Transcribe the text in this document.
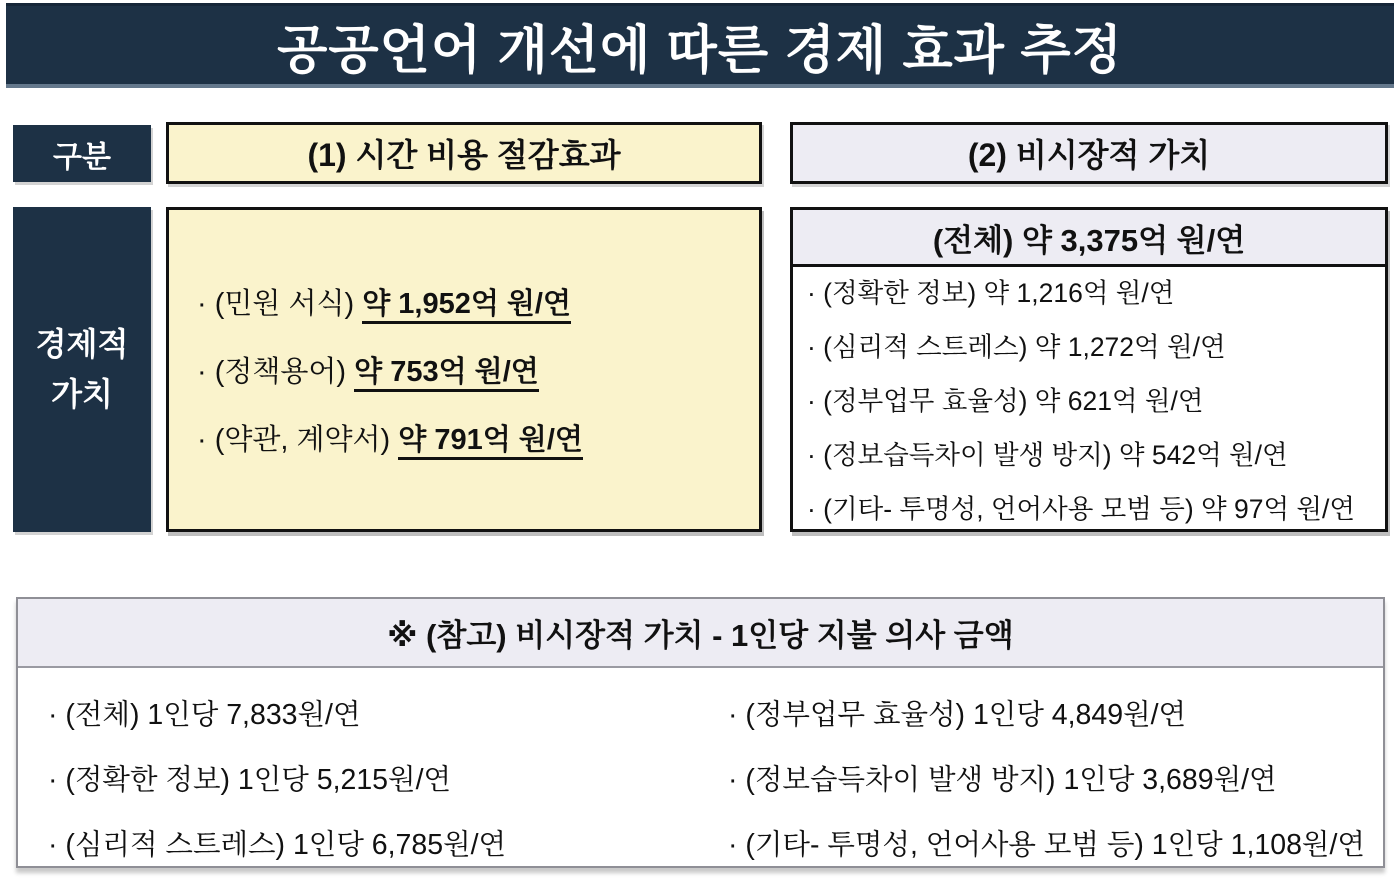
공공언어 개선에 따른 경제 효과 추정
구분	(1) 시간 비용 절감효과	(2) 비시장적 가치
경제적
가치
· (민원 서식) 약 1,952억 원/연
· (정책용어) 약 753억 원/연
· (약관, 계약서) 약 791억 원/연
(전체) 약 3,375억 원/연
· (정확한 정보) 약 1,216억 원/연
· (심리적 스트레스) 약 1,272억 원/연
· (정부업무 효율성) 약 621억 원/연
· (정보습득차이 발생 방지) 약 542억 원/연
· (기타- 투명성, 언어사용 모범 등) 약 97억 원/연
※ (참고) 비시장적 가치 - 1인당 지불 의사 금액
· (전체) 1인당 7,833원/연
· (정확한 정보) 1인당 5,215원/연
· (심리적 스트레스) 1인당 6,785원/연
· (정부업무 효율성) 1인당 4,849원/연
· (정보습득차이 발생 방지) 1인당 3,689원/연
· (기타- 투명성, 언어사용 모범 등) 1인당 1,108원/연
